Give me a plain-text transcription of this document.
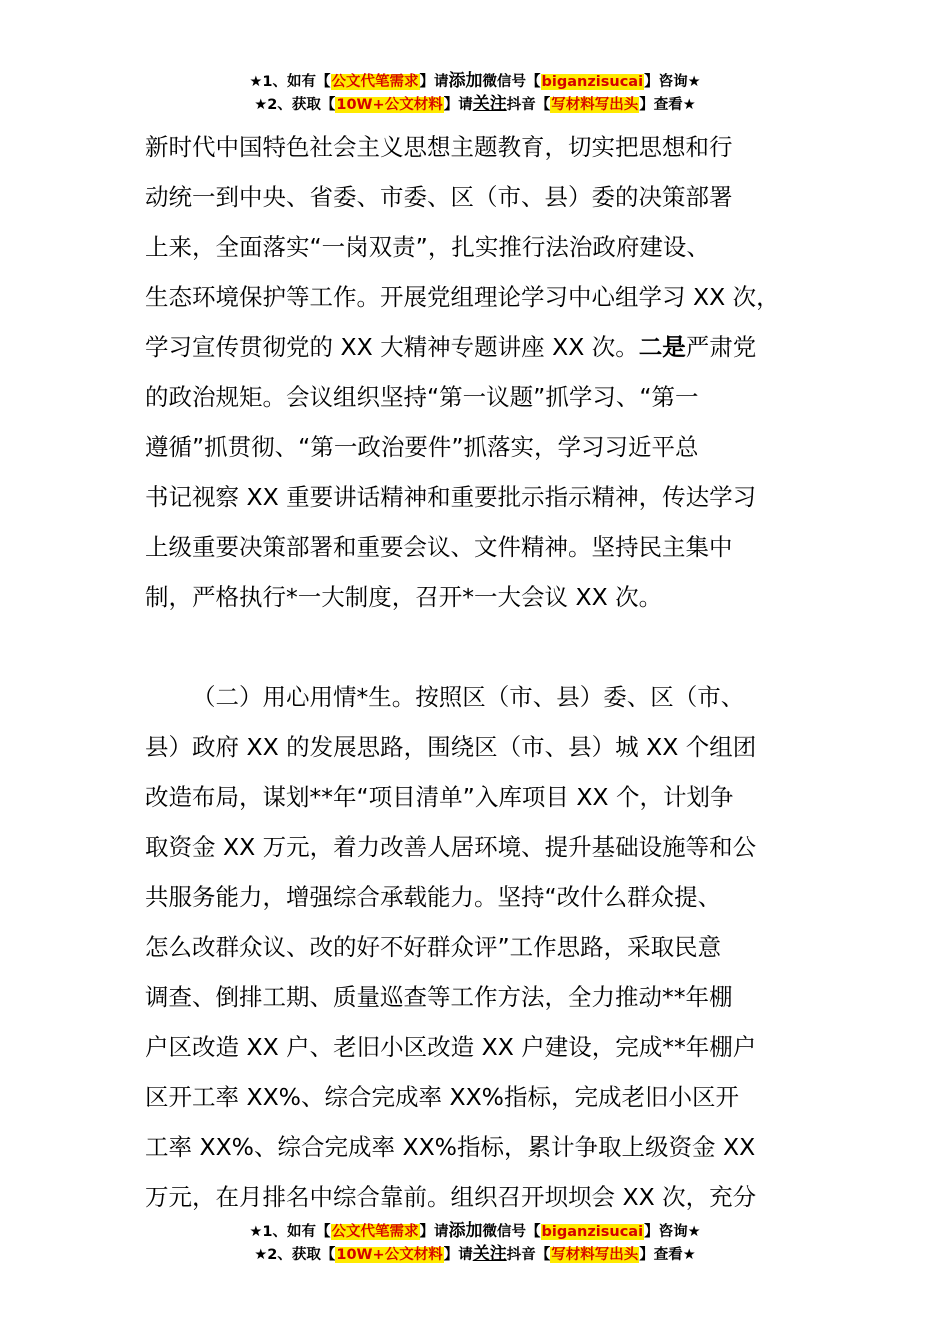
★1、如有【公文代笔需求】请添加微信号【biganzisucai】咨询★
★2、获取【10W+公文材料】请关注抖音【写材料写出头】查看★
新时代中国特色社会主义思想主题教育，切实把思想和行
动统一到中央、省委、市委、区（市、县）委的决策部署
上来，全面落实“一岗双责”，扎实推行法治政府建设、
生态环境保护等工作。开展党组理论学习中心组学习 XX 次，
学习宣传贯彻党的 XX 大精神专题讲座 XX 次。二是严肃党
的政治规矩。会议组织坚持“第一议题”抓学习、“第一
遵循”抓贯彻、“第一政治要件”抓落实，学习习近平总
书记视察 XX 重要讲话精神和重要批示指示精神，传达学习
上级重要决策部署和重要会议、文件精神。坚持民主集中
制，严格执行*一大制度，召开*一大会议 XX 次。
（二）用心用情*生。按照区（市、县）委、区（市、
县）政府 XX 的发展思路，围绕区（市、县）城 XX 个组团
改造布局，谋划**年“项目清单”入库项目 XX 个，计划争
取资金 XX 万元，着力改善人居环境、提升基础设施等和公
共服务能力，增强综合承载能力。坚持“改什么群众提、
怎么改群众议、改的好不好群众评”工作思路，采取民意
调查、倒排工期、质量巡查等工作方法，全力推动**年棚
户区改造 XX 户、老旧小区改造 XX 户建设，完成**年棚户
区开工率 XX%、综合完成率 XX%指标，完成老旧小区开
工率 XX%、综合完成率 XX%指标，累计争取上级资金 XX
万元，在月排名中综合靠前。组织召开坝坝会 XX 次，充分
★1、如有【公文代笔需求】请添加微信号【biganzisucai】咨询★
★2、获取【10W+公文材料】请关注抖音【写材料写出头】查看★
